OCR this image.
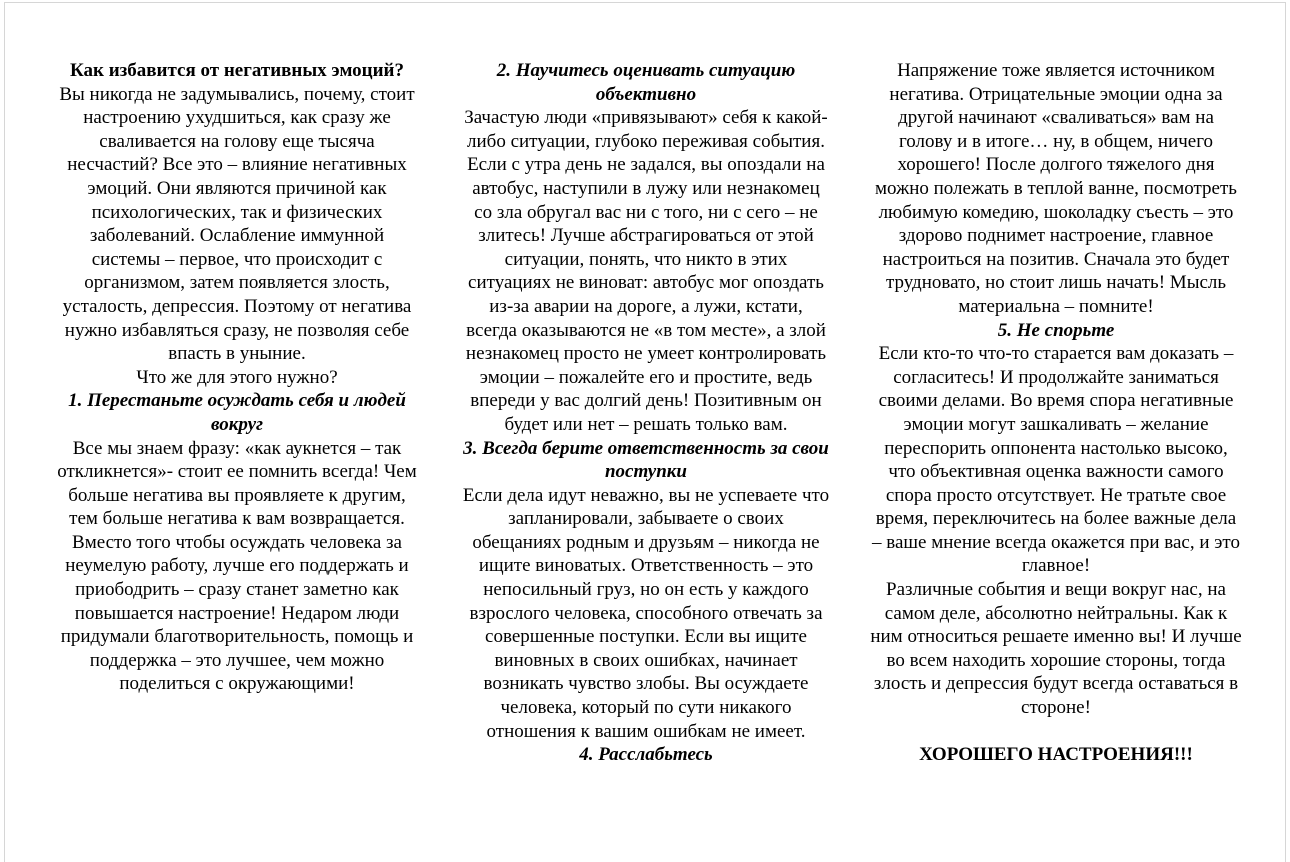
Как избавится от негативных эмоций?

Вы никогда не задумывались, почему, стоит настроению ухудшиться, как сразу же сваливается на голову еще тысяча несчастий? Все это – влияние негативных эмоций. Они являются причиной как психологических, так и физических заболеваний. Ослабление иммунной системы – первое, что происходит с организмом, затем появляется злость, усталость, депрессия. Поэтому от негатива нужно избавляться сразу, не позволяя себе впасть в уныние.

Что же для этого нужно?

1. Перестаньте осуждать себя и людей вокруг

Все мы знаем фразу: «как аукнется – так откликнется»- стоит ее помнить всегда! Чем больше негатива вы проявляете к другим, тем больше негатива к вам возвращается. Вместо того чтобы осуждать человека за неумелую работу, лучше его поддержать и приободрить – сразу станет заметно как повышается настроение! Недаром люди придумали благотворительность, помощь и поддержка – это лучшее, чем можно поделиться с окружающими!

2. Научитесь оценивать ситуацию объективно

Зачастую люди «привязывают» себя к какой-либо ситуации, глубоко переживая события. Если с утра день не задался, вы опоздали на автобус, наступили в лужу или незнакомец со зла обругал вас ни с того, ни с сего – не злитесь! Лучше абстрагироваться от этой ситуации, понять, что никто в этих ситуациях не виноват: автобус мог опоздать из-за аварии на дороге, а лужи, кстати, всегда оказываются не «в том месте», а злой незнакомец просто не умеет контролировать эмоции – пожалейте его и простите, ведь впереди у вас долгий день! Позитивным он будет или нет – решать только вам.

3. Всегда берите ответственность за свои поступки

Если дела идут неважно, вы не успеваете что запланировали, забываете о своих обещаниях родным и друзьям – никогда не ищите виноватых. Ответственность – это непосильный груз, но он есть у каждого взрослого человека, способного отвечать за совершенные поступки. Если вы ищите виновных в своих ошибках, начинает возникать чувство злобы. Вы осуждаете человека, который по сути никакого отношения к вашим ошибкам не имеет.

4. Расслабьтесь

Напряжение тоже является источником негатива. Отрицательные эмоции одна за другой начинают «сваливаться» вам на голову и в итоге… ну, в общем, ничего хорошего! После долгого тяжелого дня можно полежать в теплой ванне, посмотреть любимую комедию, шоколадку съесть – это здорово поднимет настроение, главное настроиться на позитив. Сначала это будет трудновато, но стоит лишь начать! Мысль материальна – помните!

5. Не спорьте

Если кто-то что-то старается вам доказать – согласитесь! И продолжайте заниматься своими делами. Во время спора негативные эмоции могут зашкаливать – желание переспорить оппонента настолько высоко, что объективная оценка важности самого спора просто отсутствует. Не тратьте свое время, переключитесь на более важные дела – ваше мнение всегда окажется при вас, и это главное!

Различные события и вещи вокруг нас, на самом деле, абсолютно нейтральны. Как к ним относиться решаете именно вы! И лучше во всем находить хорошие стороны, тогда злость и депрессия будут всегда оставаться в стороне!

ХОРОШЕГО НАСТРОЕНИЯ!!!
